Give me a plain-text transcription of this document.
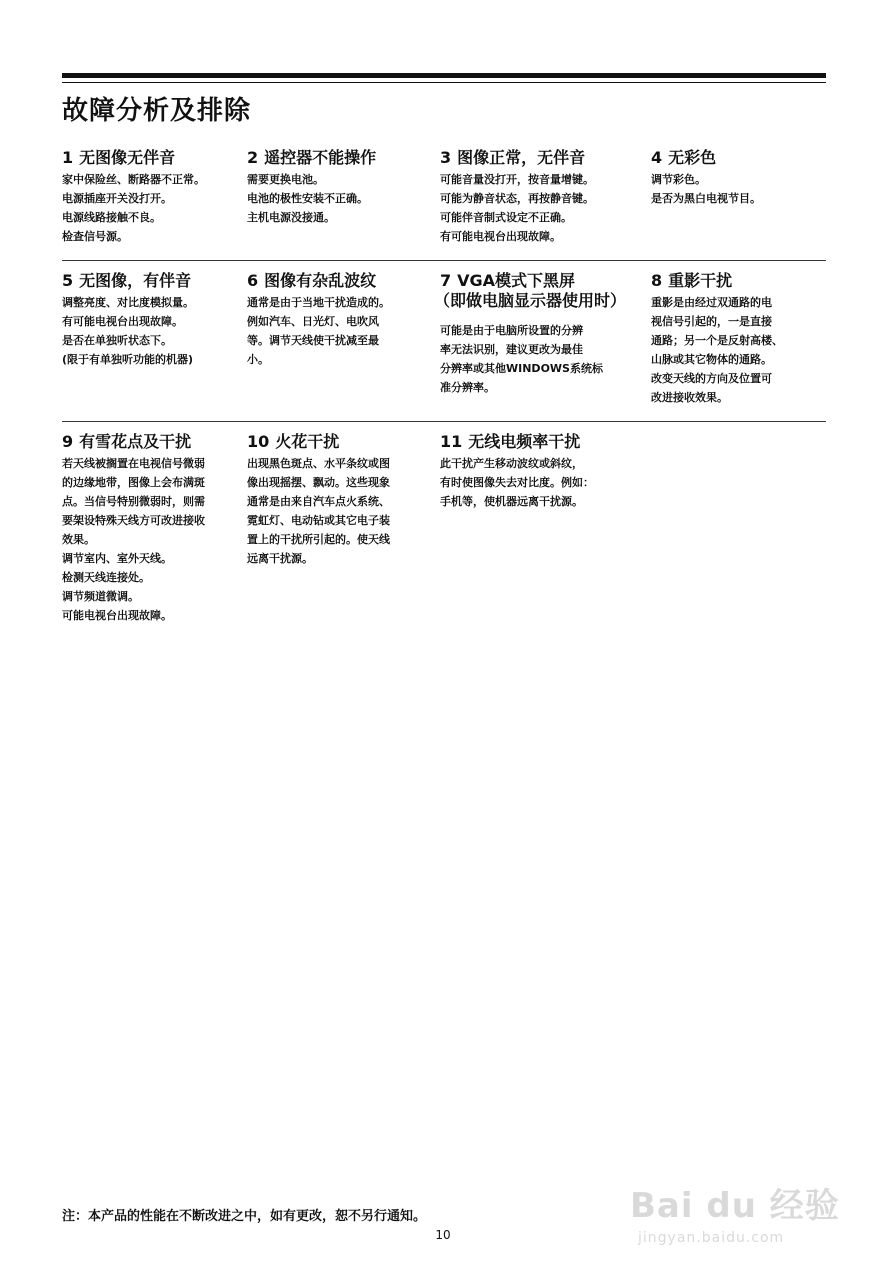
故障分析及排除
1 无图像无伴音
家中保险丝、断路器不正常。
电源插座开关没打开。
电源线路接触不良。
检查信号源。
2 遥控器不能操作
需要更换电池。
电池的极性安装不正确。
主机电源没接通。
3 图像正常，无伴音
可能音量没打开，按音量增键。
可能为静音状态，再按静音键。
可能伴音制式设定不正确。
有可能电视台出现故障。
4 无彩色
调节彩色。
是否为黑白电视节目。
5 无图像，有伴音
调整亮度、对比度模拟量。
有可能电视台出现故障。
是否在单独听状态下。
(限于有单独听功能的机器)
6 图像有杂乱波纹
通常是由于当地干扰造成的。
例如汽车、日光灯、电吹风
等。调节天线使干扰减至最
小。
7 VGA模式下黑屏
（即做电脑显示器使用时）
可能是由于电脑所设置的分辨
率无法识别，建议更改为最佳
分辨率或其他WINDOWS系统标
准分辨率。
8 重影干扰
重影是由经过双通路的电
视信号引起的，一是直接
通路；另一个是反射高楼、
山脉或其它物体的通路。
改变天线的方向及位置可
改进接收效果。
9 有雪花点及干扰
若天线被搁置在电视信号微弱
的边缘地带，图像上会布满斑
点。当信号特别微弱时，则需
要架设特殊天线方可改进接收
效果。
调节室内、室外天线。
检测天线连接处。
调节频道微调。
可能电视台出现故障。
10 火花干扰
出现黑色斑点、水平条纹或图
像出现摇摆、飘动。这些现象
通常是由来自汽车点火系统、
霓虹灯、电动钻或其它电子装
置上的干扰所引起的。使天线
远离干扰源。
11 无线电频率干扰
此干扰产生移动波纹或斜纹，
有时使图像失去对比度。例如：
手机等，使机器远离干扰源。
注：本产品的性能在不断改进之中，如有更改，恕不另行通知。
10
Bai du 经验
jingyan.baidu.com
